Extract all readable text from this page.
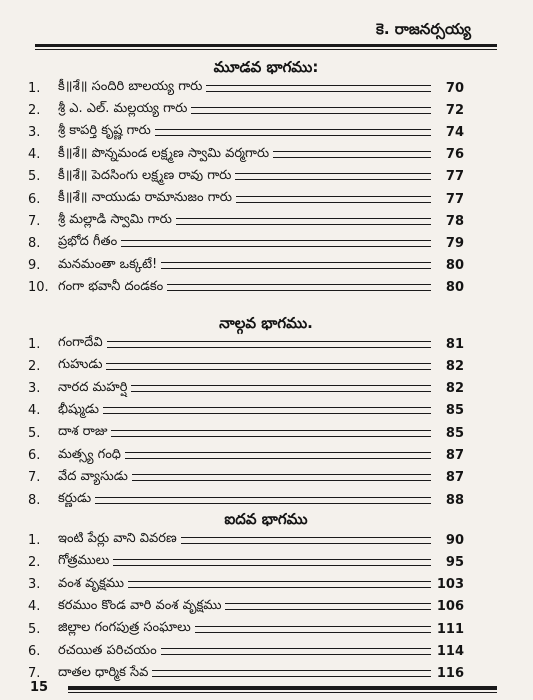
కె. రాజనర్సయ్య
మూడవ భాగము:
1.	కీ॥శే॥ సందిరి బాలయ్య గారు	70
2.	శ్రీ ఎ. ఎల్. మల్లయ్య గారు	72
3.	శ్రీ కాపర్తి కృష్ణ గారు	74
4.	కీ॥శే॥ పొన్నమండ లక్ష్మణ స్వామి వర్మగారు	76
5.	కీ॥శే॥ పెదసింగు లక్ష్మణ రావు గారు	77
6.	కీ॥శే॥ నాయుడు రామానుజం గారు	77
7.	శ్రీ మల్లాడి స్వామి గారు	78
8.	ప్రభోద గీతం	79
9.	మనమంతా ఒక్కటే!	80
10. గంగా భవానీ దండకం	80
నాల్గవ భాగము.
1.	గంగాదేవి	81
2.	గుహుడు	82
3.	నారద మహర్షి	82
4.	భీష్ముడు	85
5.	దాశ రాజు	85
6.	మత్స్య గంధి	87
7.	వేద వ్యాసుడు	87
8.	కర్ణుడు	88
ఐదవ భాగము
1.	ఇంటి పేర్లు వాని వివరణ	90
2.	గోత్రములు	95
3.	వంశ వృక్షము	103
4.	కరముం కొండ వారి వంశ వృక్షము	106
5.	జిల్లాల గంగపుత్ర సంఘాలు	111
6.	రచయిత పరిచయం	114
7.	దాతల ధార్మిక సేవ	116
15
